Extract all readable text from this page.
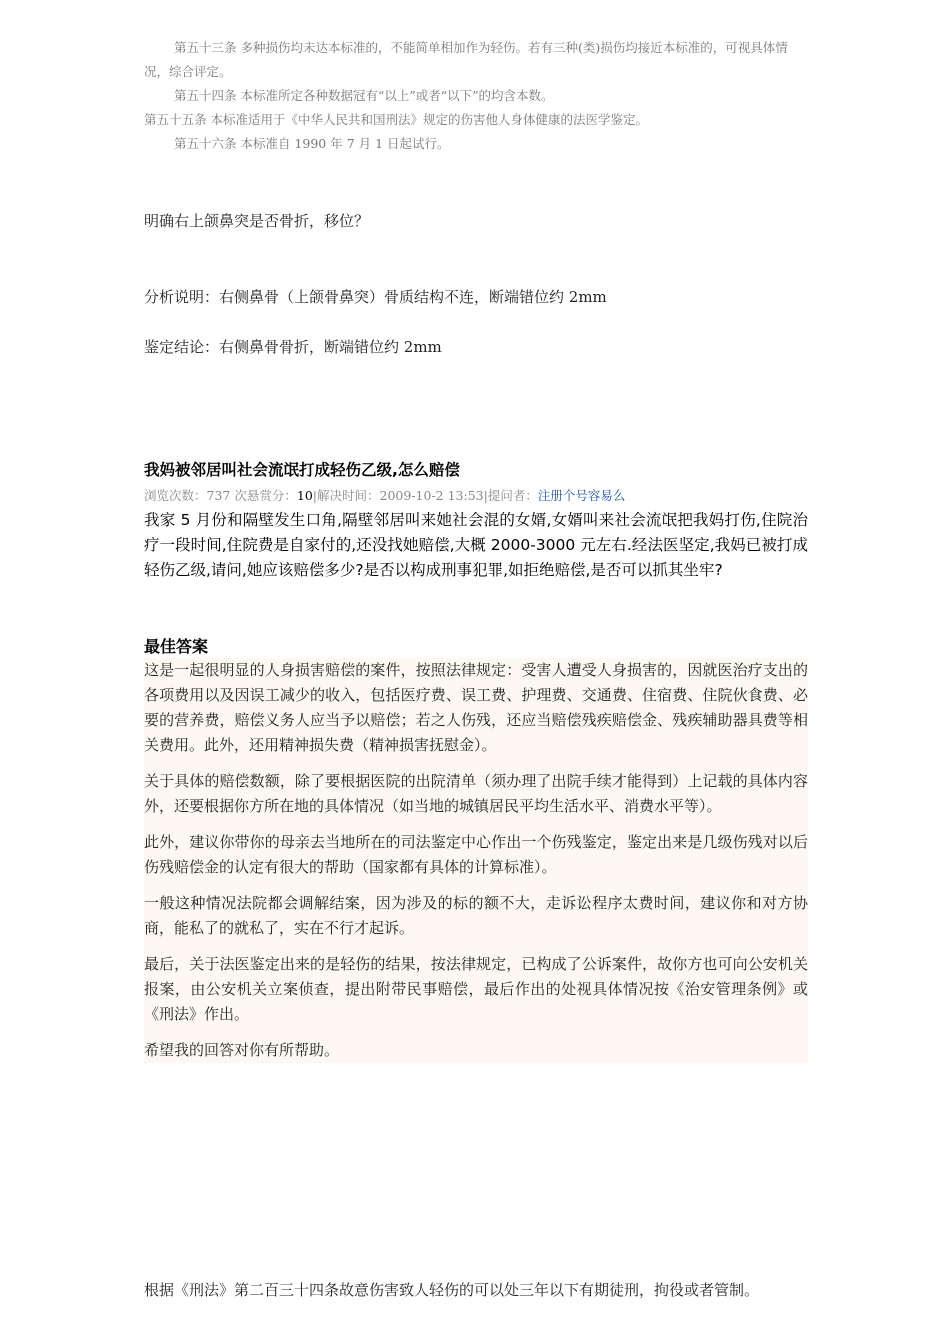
第五十三条 多种损伤均未达本标准的，不能简单相加作为轻伤。若有三种(类)损伤均接近本标准的，可视具体情况，综合评定。

第五十四条 本标准所定各种数据冠有“以上”或者“以下”的均含本数。

第五十五条 本标准适用于《中华人民共和国刑法》规定的伤害他人身体健康的法医学鉴定。

第五十六条 本标准自 1990 年 7 月 1 日起试行。

明确右上颌鼻突是否骨折，移位？
分析说明：右侧鼻骨（上颌骨鼻突）骨质结构不连，断端错位约 2mm
鉴定结论：右侧鼻骨骨折，断端错位约 2mm
我妈被邻居叫社会流氓打成轻伤乙级,怎么赔偿
浏览次数：737 次悬赏分：10|解决时间：2009-10-2 13:53|提问者：注册个号容易么
我家 5 月份和隔壁发生口角,隔壁邻居叫来她社会混的女婿,女婿叫来社会流氓把我妈打伤,住院治疗一段时间,住院费是自家付的,还没找她赔偿,大概 2000-3000 元左右.经法医坚定,我妈已被打成轻伤乙级,请问,她应该赔偿多少?是否以构成刑事犯罪,如拒绝赔偿,是否可以抓其坐牢?
最佳答案

这是一起很明显的人身损害赔偿的案件，按照法律规定：受害人遭受人身损害的，因就医治疗支出的各项费用以及因误工减少的收入，包括医疗费、误工费、护理费、交通费、住宿费、住院伙食费、必要的营养费，赔偿义务人应当予以赔偿；若之人伤残，还应当赔偿残疾赔偿金、残疾辅助器具费等相关费用。此外，还用精神损失费（精神损害抚慰金）。

关于具体的赔偿数额，除了要根据医院的出院清单（须办理了出院手续才能得到）上记载的具体内容外，还要根据你方所在地的具体情况（如当地的城镇居民平均生活水平、消费水平等）。

此外，建议你带你的母亲去当地所在的司法鉴定中心作出一个伤残鉴定，鉴定出来是几级伤残对以后伤残赔偿金的认定有很大的帮助（国家都有具体的计算标准）。

一般这种情况法院都会调解结案，因为涉及的标的额不大，走诉讼程序太费时间，建议你和对方协商，能私了的就私了，实在不行才起诉。

最后，关于法医鉴定出来的是轻伤的结果，按法律规定，已构成了公诉案件，故你方也可向公安机关报案，由公安机关立案侦查，提出附带民事赔偿，最后作出的处视具体情况按《治安管理条例》或《刑法》作出。

希望我的回答对你有所帮助。

根据《刑法》第二百三十四条故意伤害致人轻伤的可以处三年以下有期徒刑，拘役或者管制。
